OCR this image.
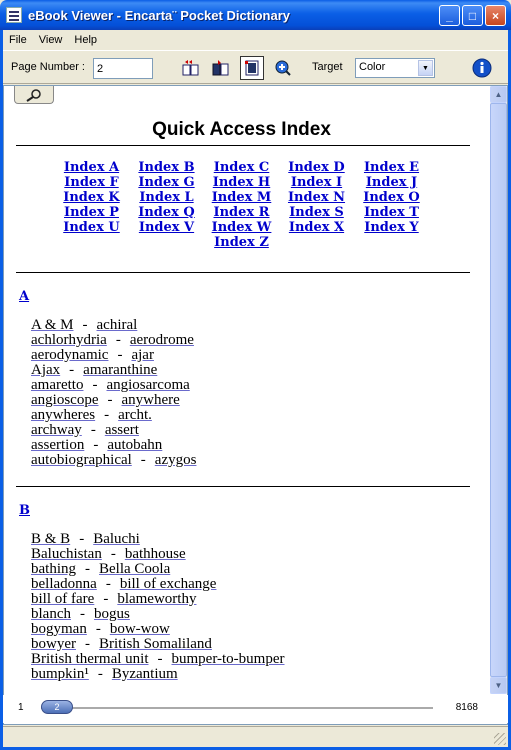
eBook Viewer - Encarta¨ Pocket Dictionary	_	□	×
File	View	Help
Page Number :
2	Target	Color	▼
Quick Access Index
Index A	Index B	Index C	Index D	Index E
Index F	Index G	Index H	Index I	Index J
Index K	Index L	Index M	Index N	Index O
Index P	Index Q	Index R	Index S	Index T
Index U	Index V	Index W	Index X	Index Y
Index Z
A
A & M - achiral
achlorhydria - aerodrome
aerodynamic - ajar
Ajax - amaranthine
amaretto - angiosarcoma
angioscope - anywhere
anywheres - archt.
archway - assert
assertion - autobahn
autobiographical - azygos
B
B & B - Baluchi
Baluchistan - bathhouse
bathing - Bella Coola
belladonna - bill of exchange
bill of fare - blameworthy
blanch - bogus
bogyman - bow-wow
bowyer - British Somaliland
British thermal unit - bumper-to-bumper
bumpkin¹ - Byzantium
▲
▼
1	2	8168
